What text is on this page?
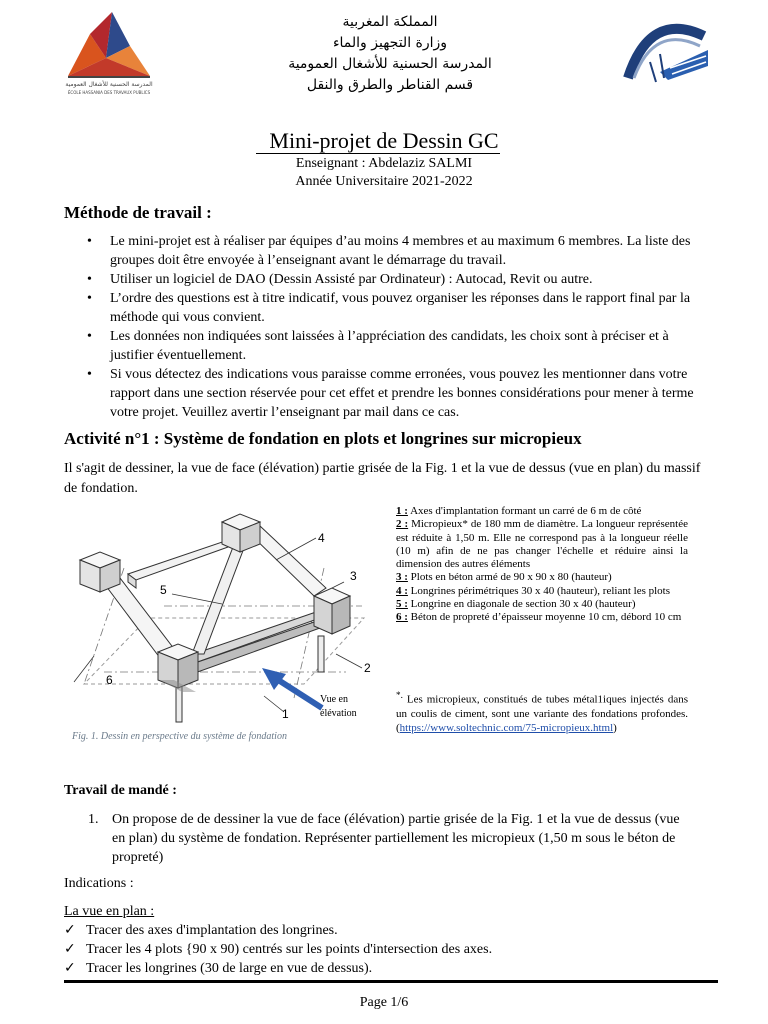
المدرسة الحسنية للأشغال العمومية
ÉCOLE HASSANIA DES TRAVAUX PUBLICS
المملكة المغربية
وزارة التجهيز والماء
المدرسة الحسنية للأشغال العمومية
قسم القناطر والطرق والنقل
Mini-projet de Dessin GC
Enseignant : Abdelaziz SALMI
Année Universitaire 2021-2022
Méthode de travail :
• Le mini-projet est à réaliser par équipes d’au moins 4 membres et au maximum 6 membres. La liste des groupes doit être envoyée à l’enseignant avant le démarrage du travail.
• Utiliser un logiciel de DAO (Dessin Assisté par Ordinateur) : Autocad, Revit ou autre.
• L’ordre des questions est à titre indicatif, vous pouvez organiser les réponses dans le rapport final par la méthode qui vous convient.
• Les données non indiquées sont laissées à l’appréciation des candidats, les choix sont à préciser et à justifier éventuellement.
• Si vous détectez des indications vous paraisse comme erronées, vous pouvez les mentionner dans votre rapport dans une section réservée pour cet effet et prendre les bonnes considérations pour mener à terme votre projet. Veuillez avertir l’enseignant par mail dans ce cas.
Activité n°1 : Système de fondation en plots et longrines sur micropieux
Il s'agit de dessiner, la vue de face (élévation) partie grisée de la Fig. 1 et la vue de dessus (vue en plan) du massif de fondation.
6
1
2
3
4
5
Vue en
élévation
Fig. 1. Dessin en perspective du système de fondation
1 : Axes d'implantation formant un carré de 6 m de côté
2 : Micropieux* de 180 mm de diamètre. La longueur représentée est réduite à 1,50 m. Elle ne correspond pas à la longueur réelle (10 m) afin de ne pas changer l'échelle et réduire ainsi la dimension des autres éléments
3 : Plots en béton armé de 90 x 90 x 80 (hauteur)
4 : Longrines périmétriques 30 x 40 (hauteur), reliant les plots
5 : Longrine en diagonale de section 30 x 40 (hauteur)
6 : Béton de propreté d’épaisseur moyenne 10 cm, débord 10 cm
*. Les micropieux, constitués de tubes métal1iques injectés dans un coulis de ciment, sont une variante des fondations profondes. (https://www.soltechnic.com/75-micropieux.html)
Travail de mandé :
1. On propose de de dessiner la vue de face (élévation) partie grisée de la Fig. 1 et la vue de dessus (vue en plan) du système de fondation. Représenter partiellement les micropieux (1,50 m sous le béton de propreté)
Indications :
La vue en plan :
✓ Tracer des axes d'implantation des longrines.
✓ Tracer les 4 plots {90 x 90) centrés sur les points d'intersection des axes.
✓ Tracer les longrines (30 de large en vue de dessus).
Page 1/6
